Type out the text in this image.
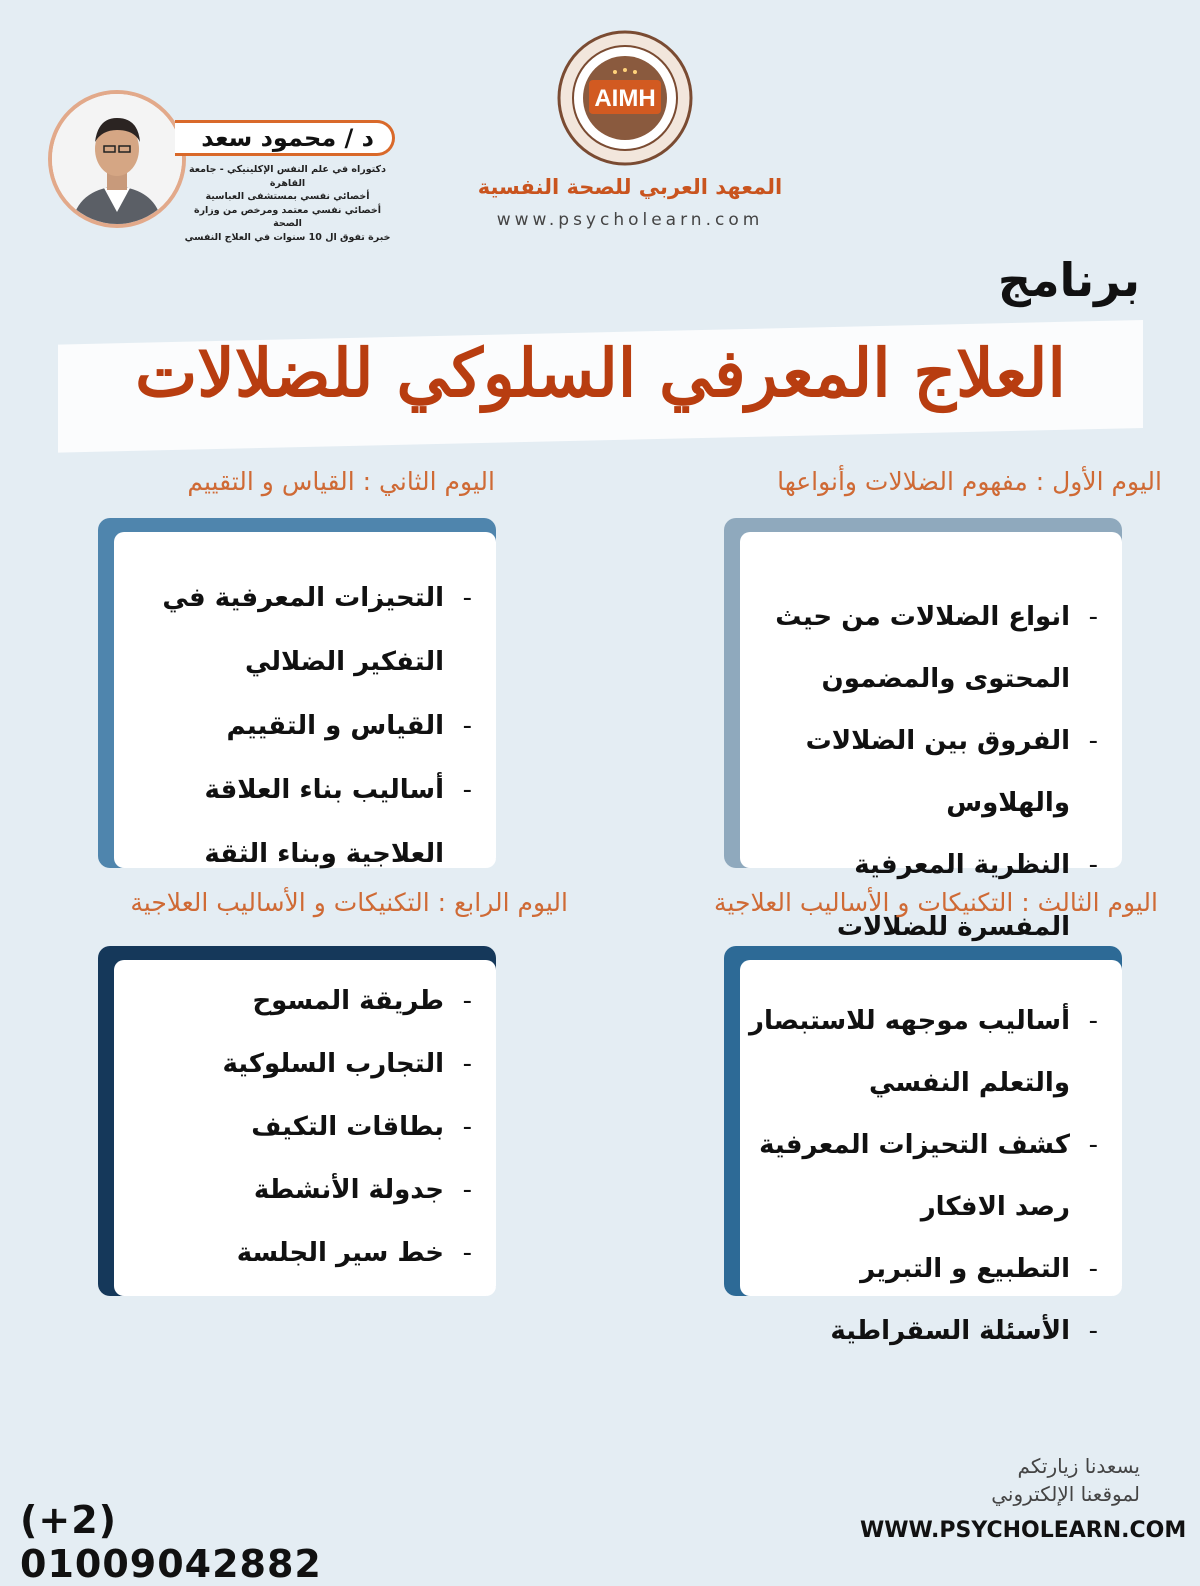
د / محمود سعد
دكتوراه في علم النفس الإكلينيكي - جامعة القاهرة
أخصائي نفسي بمستشفى العباسية
أخصائي نفسي معتمد ومرخص من وزارة الصحة
خبرة تفوق ال 10 سنوات في العلاج النفسي
AIMH
المعهد العربي للصحة النفسية
www.psycholearn.com
برنامج
العلاج المعرفي السلوكي للضلالات
اليوم الأول : مفهوم الضلالات وأنواعها
- انواع الضلالات من حيث المحتوى والمضمون
- الفروق بين الضلالات والهلاوس
- النظرية المعرفية المفسرة للضلالات
اليوم الثاني : القياس و التقييم
- التحيزات المعرفية في التفكير الضلالي
- القياس و التقييم
- أساليب بناء العلاقة العلاجية وبناء الثقة
اليوم الثالث : التكنيكات و الأساليب العلاجية
- أساليب موجهه للاستبصار والتعلم النفسي
- كشف التحيزات المعرفية رصد الافكار
- التطبيع و التبرير
- الأسئلة السقراطية
اليوم الرابع : التكنيكات و الأساليب العلاجية
- طريقة المسوح
- التجارب السلوكية
- بطاقات التكيف
- جدولة الأنشطة
- خط سير الجلسة
يسعدنا زيارتكم
لموقعنا الإلكتروني
WWW.PSYCHOLEARN.COM
(+2) 01009042882
